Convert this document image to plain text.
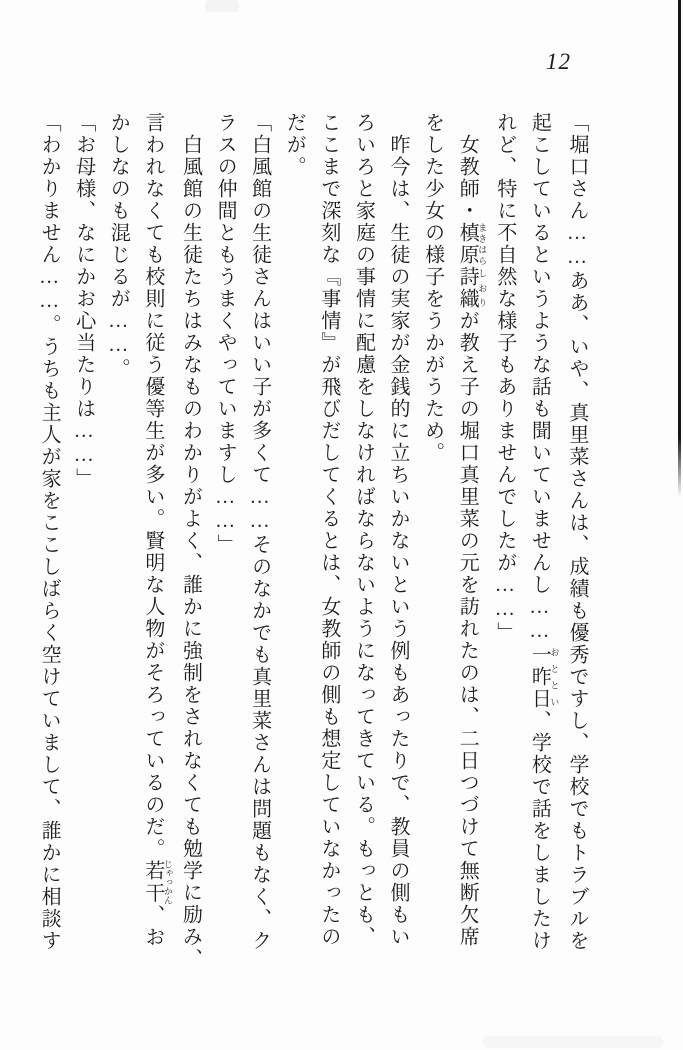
12
「堀口さん……ああ、いや、真里菜さんは、成績も優秀ですし、学校でもトラブルを
起こしているというような話も聞いていませんし……一昨日 おととい、学校で話をしましたけ
れど、特に不自然な様子もありませんでしたが……」
女教師・槙原 まきはら詩織 しおりが教え子の堀口真里菜の元を訪れたのは、二日つづけて無断欠席
をした少女の様子をうかがうため。
昨今は、生徒の実家が金銭的に立ちいかないという例もあったりで、教員の側もい
ろいろと家庭の事情に配慮をしなければならないようになってきている。もっとも、
ここまで深刻な『事情』が飛びだしてくるとは、女教師の側も想定していなかったの
だが。
「白風館の生徒さんはいい子が多くて……そのなかでも真里菜さんは問題もなく、ク
ラスの仲間ともうまくやっていますし……」
白風館の生徒たちはみなものわかりがよく、誰かに強制をされなくても勉学に励み、
言われなくても校則に従う優等生が多い。賢明な人物がそろっているのだ。若干 じゃっかん、お
かしなのも混じるが……。
「お母様、なにかお心当たりは……」
「わかりません……。うちも主人が家をここしばらく空けていまして、誰かに相談す
